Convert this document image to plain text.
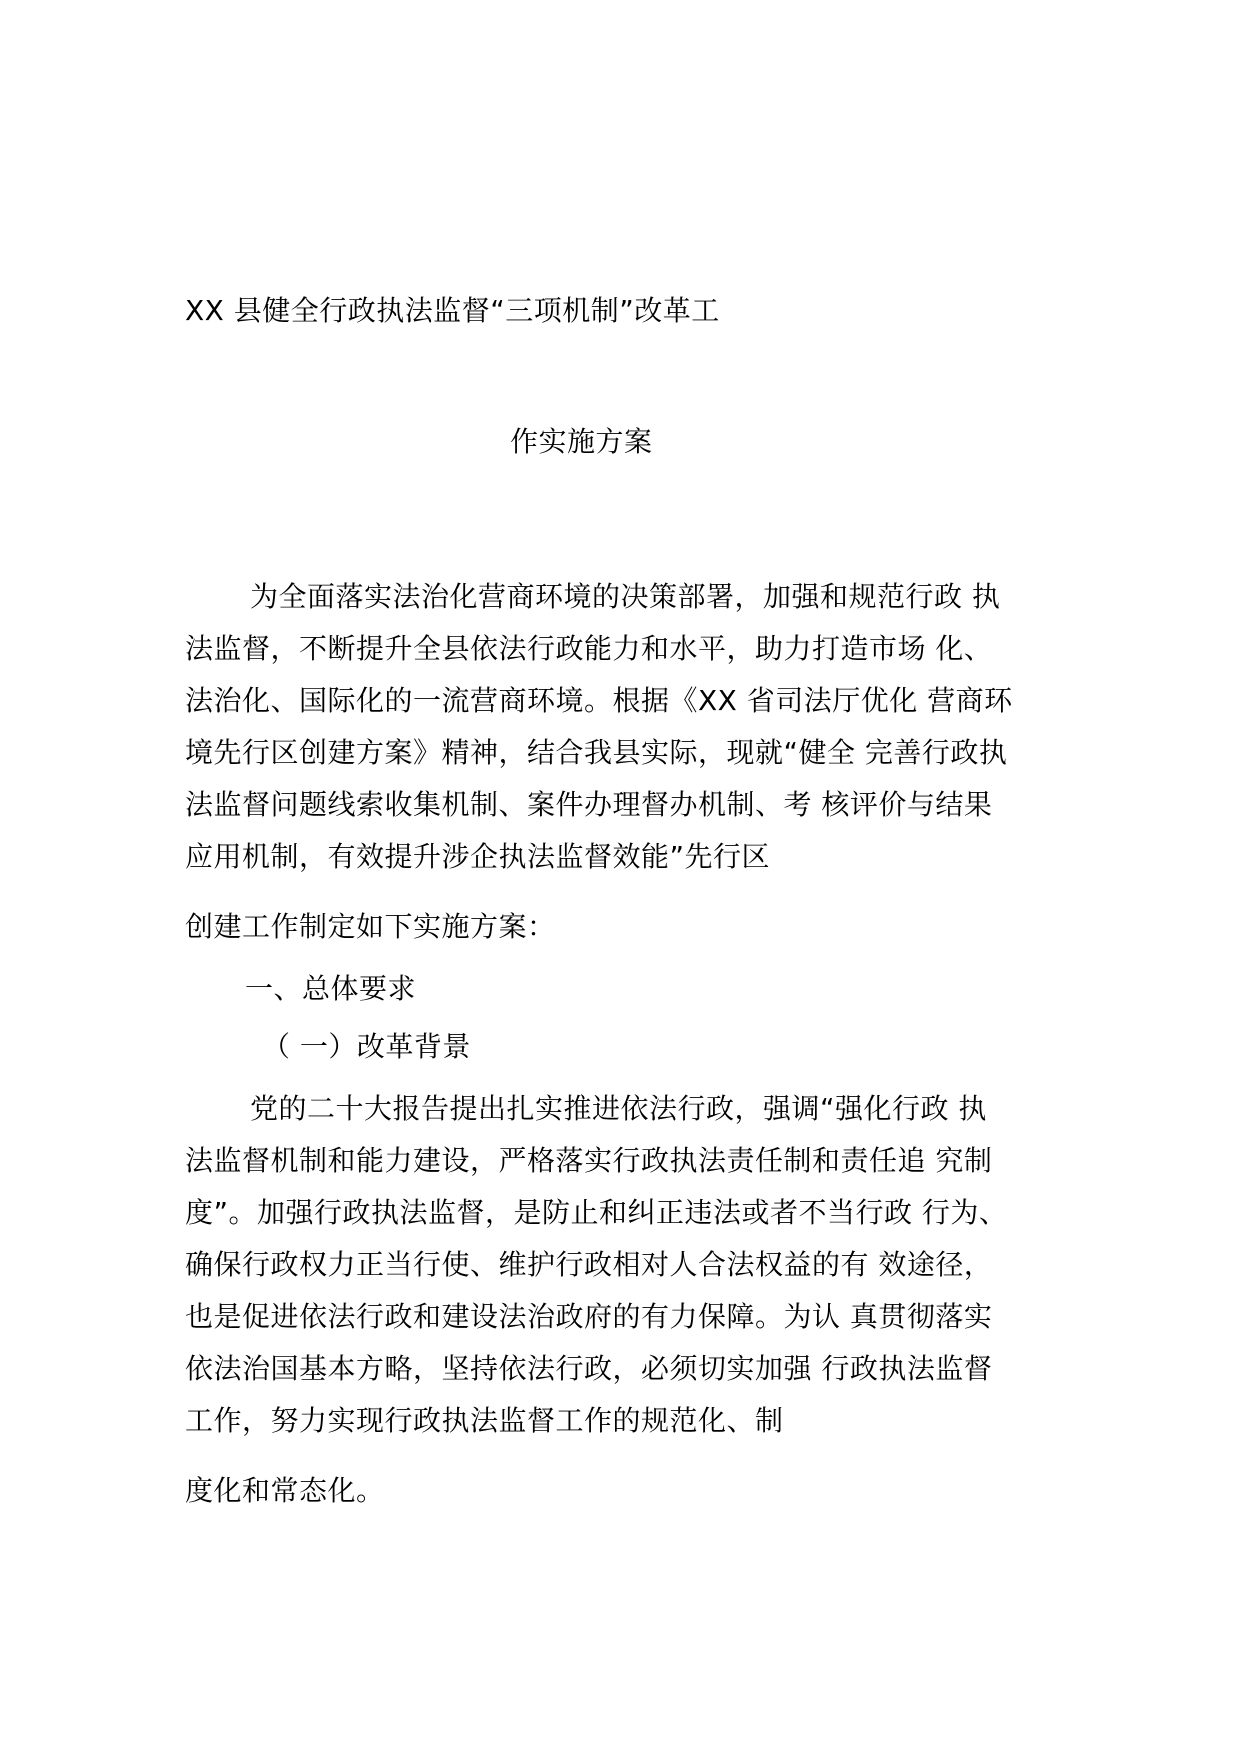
XX 县健全行政执法监督“三项机制”改革工
作实施方案
为全面落实法治化营商环境的决策部署，加强和规范行政 执
法监督，不断提升全县依法行政能力和水平，助力打造市场 化、
法治化、国际化的一流营商环境。根据《XX 省司法厅优化 营商环
境先行区创建方案》精神，结合我县实际，现就“健全 完善行政执
法监督问题线索收集机制、案件办理督办机制、考 核评价与结果
应用机制，有效提升涉企执法监督效能”先行区
创建工作制定如下实施方案：
一、总体要求
（ 一）改革背景
党的二十大报告提出扎实推进依法行政，强调“强化行政 执
法监督机制和能力建设，严格落实行政执法责任制和责任追 究制
度”。加强行政执法监督，是防止和纠正违法或者不当行政 行为、
确保行政权力正当行使、维护行政相对人合法权益的有 效途径，
也是促进依法行政和建设法治政府的有力保障。为认 真贯彻落实
依法治国基本方略，坚持依法行政，必须切实加强 行政执法监督
工作，努力实现行政执法监督工作的规范化、制
度化和常态化。
